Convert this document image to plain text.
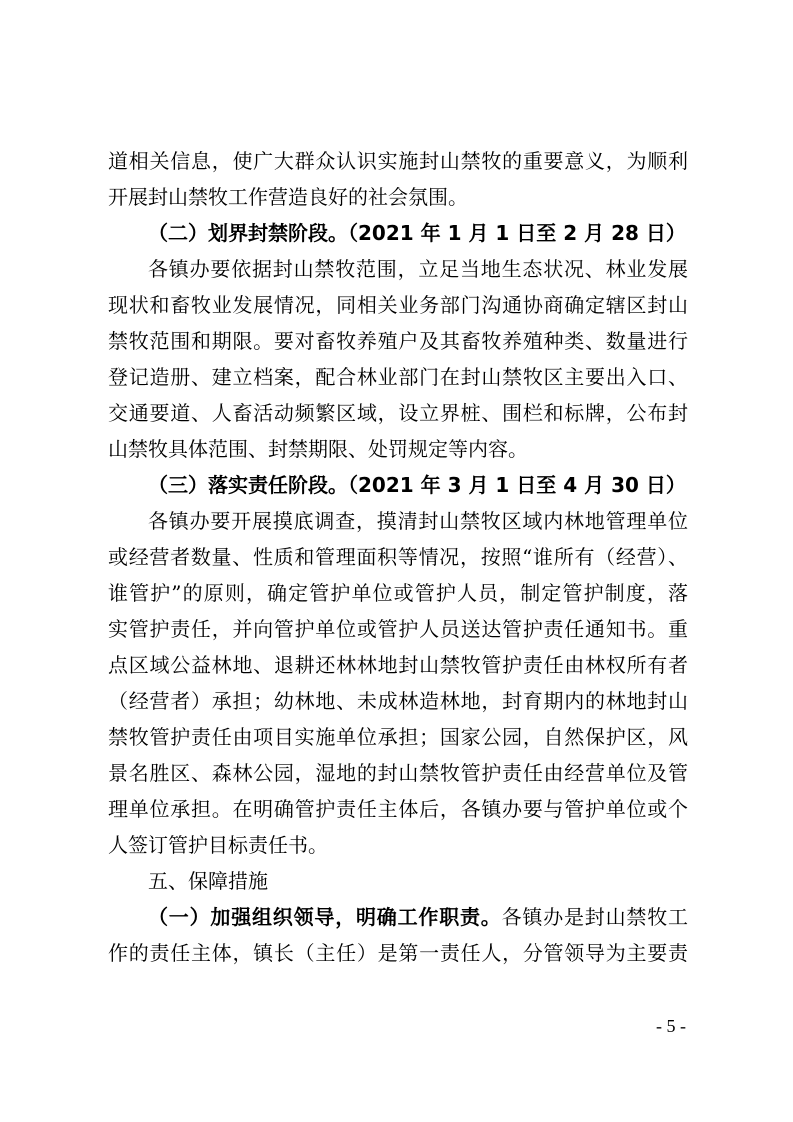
道相关信息，使广大群众认识实施封山禁牧的重要意义，为顺利
开展封山禁牧工作营造良好的社会氛围。
（二）划界封禁阶段。（2021 年 1 月 1 日至 2 月 28 日）
各镇办要依据封山禁牧范围，立足当地生态状况、林业发展
现状和畜牧业发展情况，同相关业务部门沟通协商确定辖区封山
禁牧范围和期限。要对畜牧养殖户及其畜牧养殖种类、数量进行
登记造册、建立档案，配合林业部门在封山禁牧区主要出入口、
交通要道、人畜活动频繁区域，设立界桩、围栏和标牌，公布封
山禁牧具体范围、封禁期限、处罚规定等内容。
（三）落实责任阶段。（2021 年 3 月 1 日至 4 月 30 日）
各镇办要开展摸底调查，摸清封山禁牧区域内林地管理单位
或经营者数量、性质和管理面积等情况，按照“谁所有（经营）、
谁管护”的原则，确定管护单位或管护人员，制定管护制度，落
实管护责任，并向管护单位或管护人员送达管护责任通知书。重
点区域公益林地、退耕还林林地封山禁牧管护责任由林权所有者
（经营者）承担；幼林地、未成林造林地，封育期内的林地封山
禁牧管护责任由项目实施单位承担；国家公园，自然保护区，风
景名胜区、森林公园，湿地的封山禁牧管护责任由经营单位及管
理单位承担。在明确管护责任主体后，各镇办要与管护单位或个
人签订管护目标责任书。
五、保障措施
（一）加强组织领导，明确工作职责。各镇办是封山禁牧工
作的责任主体，镇长（主任）是第一责任人，分管领导为主要责
- 5 -
